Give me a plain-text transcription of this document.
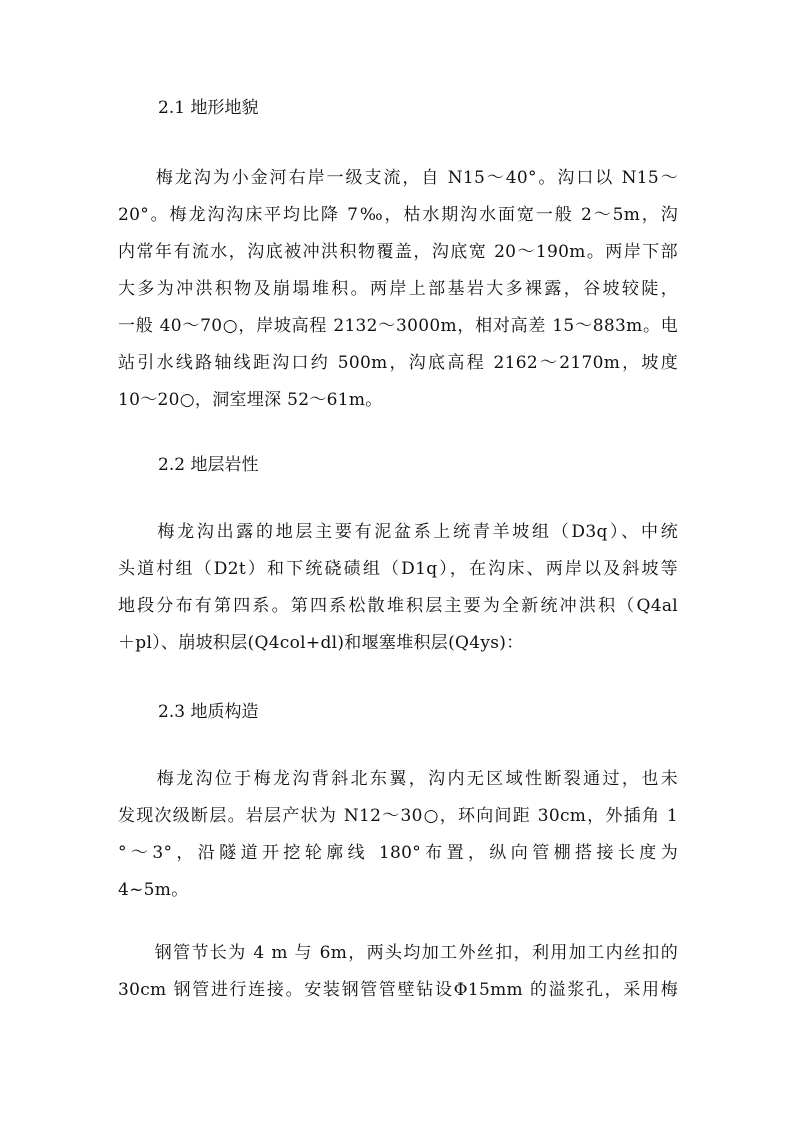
2.1 地形地貌
　　梅龙沟为小金河右岸一级支流，自 N15～40°。沟口以 N15～
20°。梅龙沟沟床平均比降 7‰，枯水期沟水面宽一般 2～5m，沟
内常年有流水，沟底被冲洪积物覆盖，沟底宽 20～190m。两岸下部
大多为冲洪积物及崩塌堆积。两岸上部基岩大多裸露，谷坡较陡，
一般 40～70○，岸坡高程 2132～3000m，相对高差 15～883m。电
站引水线路轴线距沟口约 500m，沟底高程 2162～2170m，坡度
10～20○，洞室埋深 52～61m。
2.2 地层岩性
　　梅龙沟出露的地层主要有泥盆系上统青羊坡组（D3q）、中统
头道村组（D2t）和下统硗碛组（D1q），在沟床、两岸以及斜坡等
地段分布有第四系。第四系松散堆积层主要为全新统冲洪积（Q4al
＋pl）、崩坡积层(Q4col+dl)和堰塞堆积层(Q4ys)：
2.3 地质构造
　　梅龙沟位于梅龙沟背斜北东翼，沟内无区域性断裂通过，也未
发现次级断层。岩层产状为 N12～30○，环向间距 30cm，外插角 1
°～3°，沿隧道开挖轮廓线 180°布置，纵向管棚搭接长度为
4~5m。
　　钢管节长为 4 m 与 6m，两头均加工外丝扣，利用加工内丝扣的
30cm 钢管进行连接。安装钢管管壁钻设Φ15mm 的溢浆孔，采用梅
